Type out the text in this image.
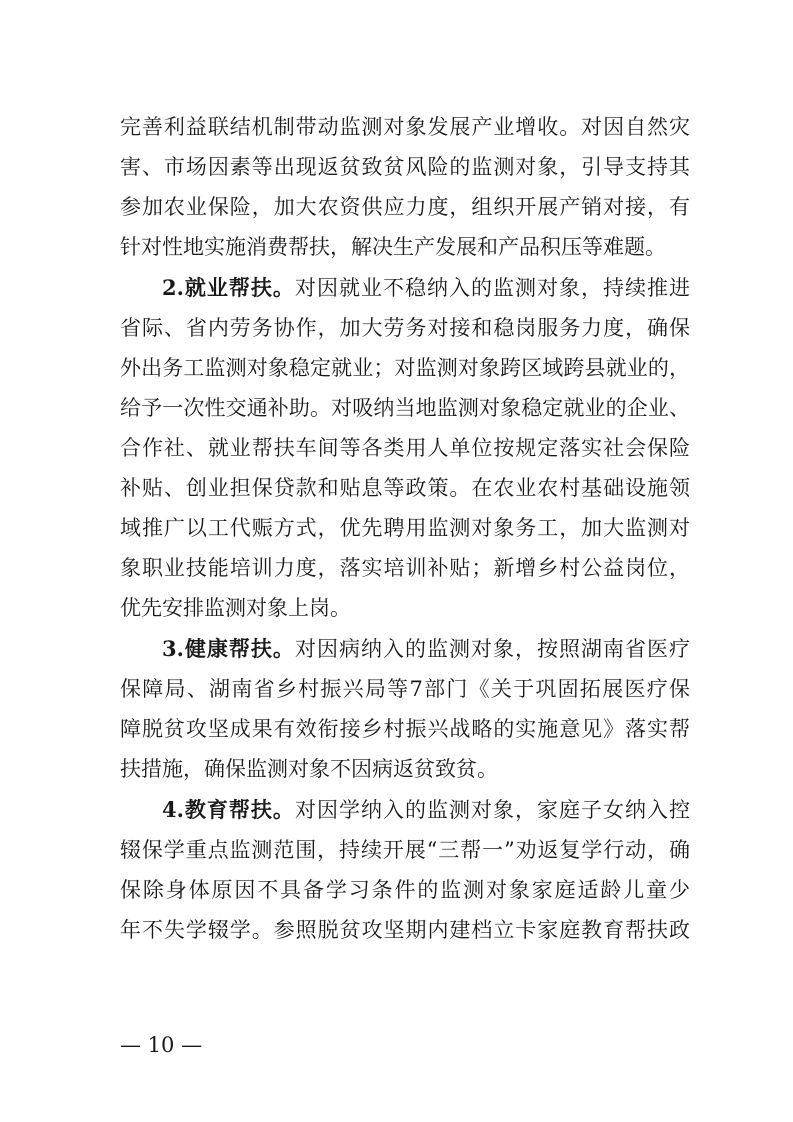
完善利益联结机制带动监测对象发展产业增收。对因自然灾
害、市场因素等出现返贫致贫风险的监测对象，引导支持其
参加农业保险，加大农资供应力度，组织开展产销对接，有
针对性地实施消费帮扶，解决生产发展和产品积压等难题。
2.就业帮扶。对因就业不稳纳入的监测对象，持续推进
省际、省内劳务协作，加大劳务对接和稳岗服务力度，确保
外出务工监测对象稳定就业；对监测对象跨区域跨县就业的，
给予一次性交通补助。对吸纳当地监测对象稳定就业的企业、
合作社、就业帮扶车间等各类用人单位按规定落实社会保险
补贴、创业担保贷款和贴息等政策。在农业农村基础设施领
域推广以工代赈方式，优先聘用监测对象务工，加大监测对
象职业技能培训力度，落实培训补贴；新增乡村公益岗位，
优先安排监测对象上岗。
3.健康帮扶。对因病纳入的监测对象，按照湖南省医疗
保障局、湖南省乡村振兴局等7部门《关于巩固拓展医疗保
障脱贫攻坚成果有效衔接乡村振兴战略的实施意见》落实帮
扶措施，确保监测对象不因病返贫致贫。
4.教育帮扶。对因学纳入的监测对象，家庭子女纳入控
辍保学重点监测范围，持续开展“三帮一”劝返复学行动，确
保除身体原因不具备学习条件的监测对象家庭适龄儿童少
年不失学辍学。参照脱贫攻坚期内建档立卡家庭教育帮扶政
— 10 —
